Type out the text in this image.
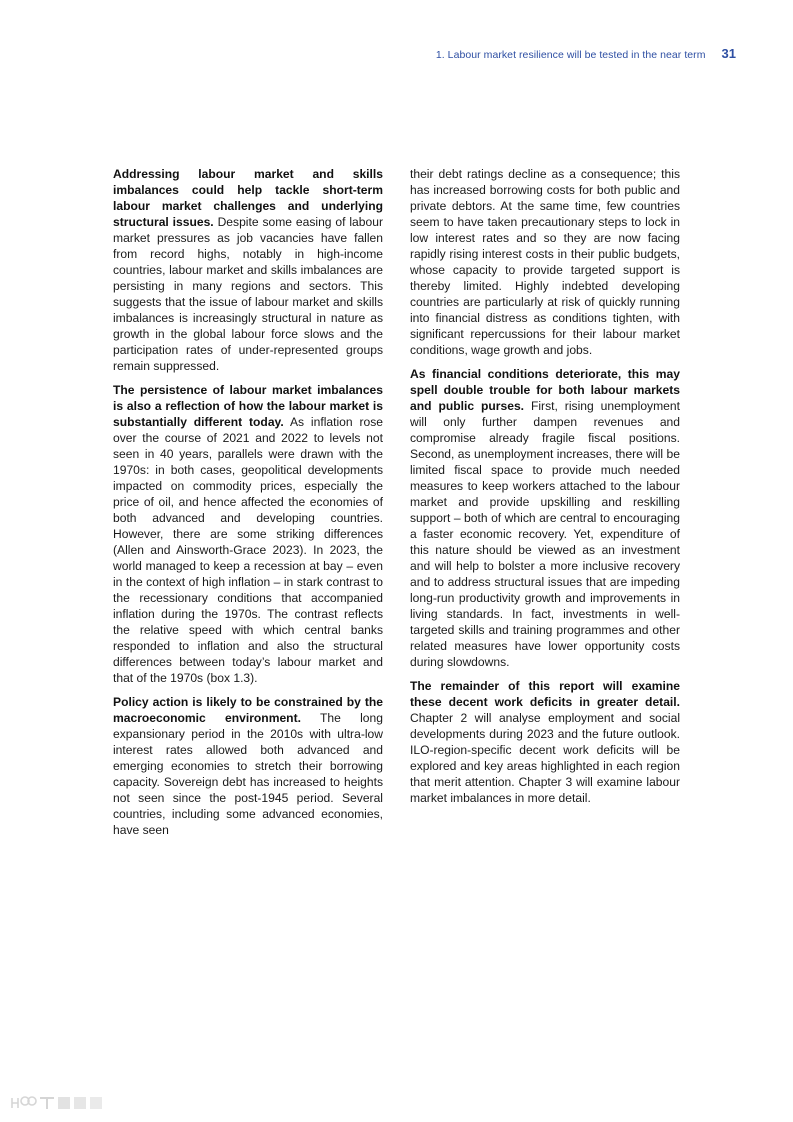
1. Labour market resilience will be tested in the near term 31

Addressing labour market and skills imbalances could help tackle short-term labour market challenges and underlying structural issues. Despite some easing of labour market pressures as job vacancies have fallen from record highs, notably in high-income countries, labour market and skills imbalances are persisting in many regions and sectors. This suggests that the issue of labour market and skills imbalances is increasingly structural in nature as growth in the global labour force slows and the participation rates of under-represented groups remain suppressed.

The persistence of labour market imbalances is also a reflection of how the labour market is substantially different today. As inflation rose over the course of 2021 and 2022 to levels not seen in 40 years, parallels were drawn with the 1970s: in both cases, geopolitical developments impacted on commodity prices, especially the price of oil, and hence affected the economies of both advanced and developing countries. However, there are some striking differences (Allen and Ainsworth-Grace 2023). In 2023, the world managed to keep a recession at bay – even in the context of high inflation – in stark contrast to the recessionary conditions that accompanied inflation during the 1970s. The contrast reflects the relative speed with which central banks responded to inflation and also the structural differences between today’s labour market and that of the 1970s (box 1.3).

Policy action is likely to be constrained by the macroeconomic environment. The long expansionary period in the 2010s with ultra-low interest rates allowed both advanced and emerging economies to stretch their borrowing capacity. Sovereign debt has increased to heights not seen since the post-1945 period. Several countries, including some advanced economies, have seen

their debt ratings decline as a consequence; this has increased borrowing costs for both public and private debtors. At the same time, few countries seem to have taken precautionary steps to lock in low interest rates and so they are now facing rapidly rising interest costs in their public budgets, whose capacity to provide targeted support is thereby limited. Highly indebted developing countries are particularly at risk of quickly running into financial distress as conditions tighten, with significant repercussions for their labour market conditions, wage growth and jobs.

As financial conditions deteriorate, this may spell double trouble for both labour markets and public purses. First, rising unemployment will only further dampen revenues and compromise already fragile fiscal positions. Second, as unemployment increases, there will be limited fiscal space to provide much needed measures to keep workers attached to the labour market and provide upskilling and reskilling support – both of which are central to encouraging a faster economic recovery. Yet, expenditure of this nature should be viewed as an investment and will help to bolster a more inclusive recovery and to address structural issues that are impeding long-run productivity growth and improvements in living standards. In fact, investments in well-targeted skills and training programmes and other related measures have lower opportunity costs during slowdowns.

The remainder of this report will examine these decent work deficits in greater detail. Chapter 2 will analyse employment and social developments during 2023 and the future outlook. ILO-region-specific decent work deficits will be explored and key areas highlighted in each region that merit attention. Chapter 3 will examine labour market imbalances in more detail.
